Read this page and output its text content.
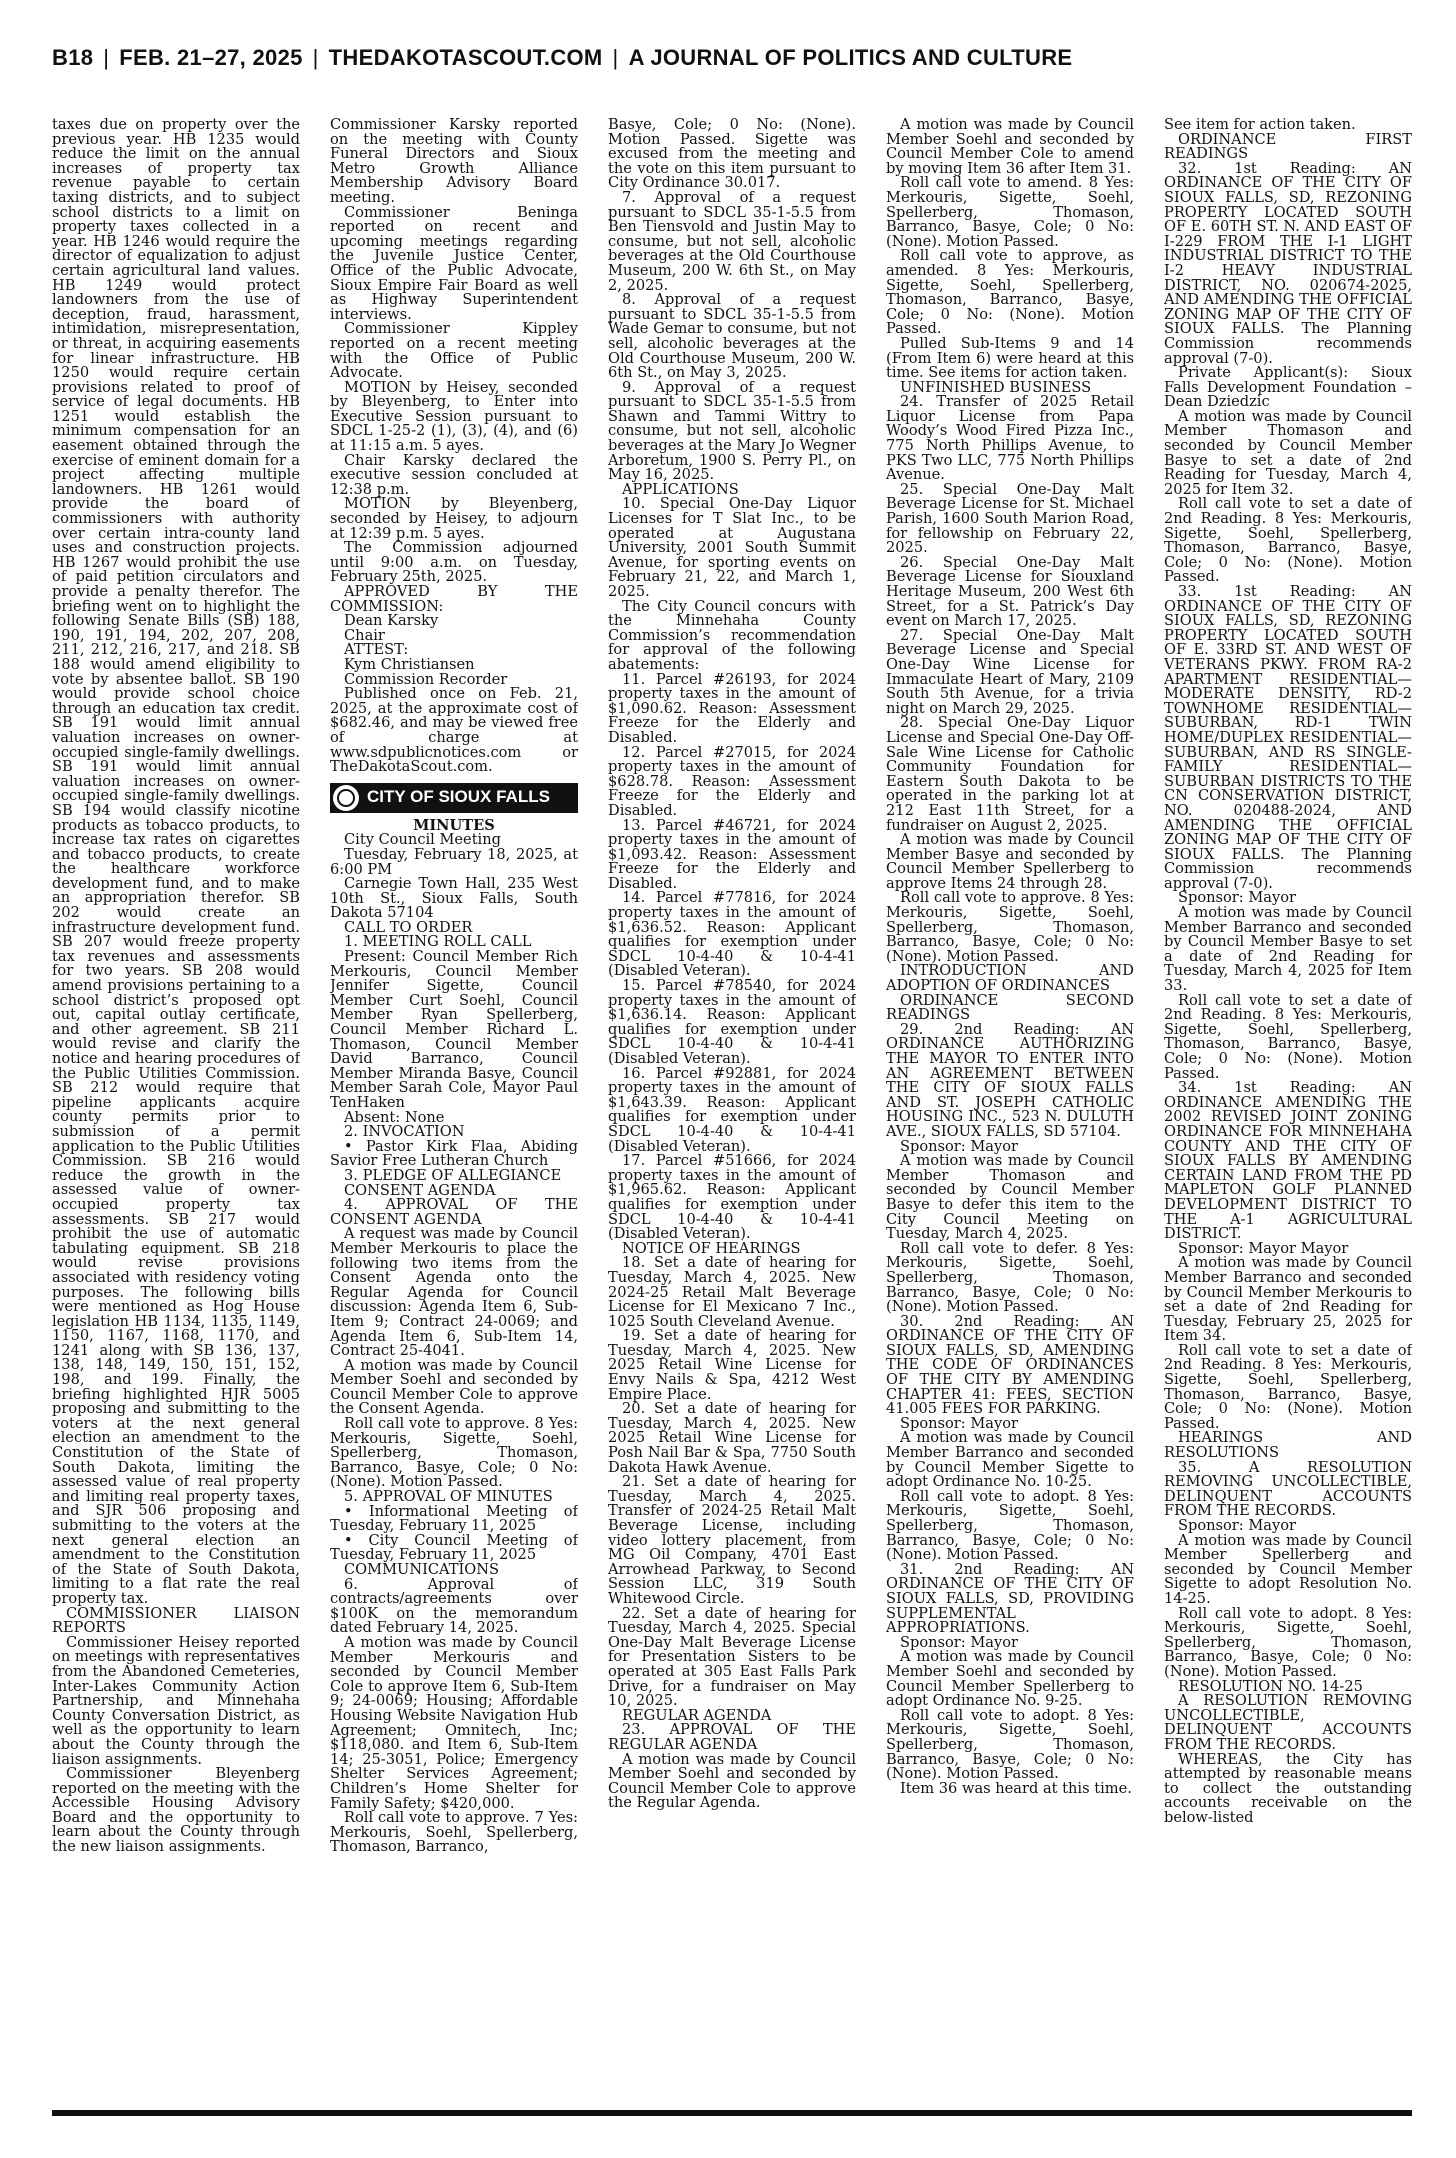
B18 | FEB. 21–27, 2025 | THEDAKOTASCOUT.COM | A JOURNAL OF POLITICS AND CULTURE

taxes due on property over the previous year. HB 1235 would reduce the limit on the annual increases of property tax revenue payable to certain taxing districts, and to subject school districts to a limit on property taxes collected in a year. HB 1246 would require the director of equalization to adjust certain agricultural land values. HB 1249 would protect landowners from the use of deception, fraud, harassment, intimidation, misrepresentation, or threat, in acquiring easements for linear infrastructure. HB 1250 would require certain provisions related to proof of service of legal documents. HB 1251 would establish the minimum compensation for an easement obtained through the exercise of eminent domain for a project affecting multiple landowners. HB 1261 would provide the board of commissioners with authority over certain intra-county land uses and construction projects. HB 1267 would prohibit the use of paid petition circulators and provide a penalty therefor. The briefing went on to highlight the following Senate Bills (SB) 188, 190, 191, 194, 202, 207, 208, 211, 212, 216, 217, and 218. SB 188 would amend eligibility to vote by absentee ballot. SB 190 would provide school choice through an education tax credit. SB 191 would limit annual valuation increases on owner-occupied single-family dwellings. SB 191 would limit annual valuation increases on owner-occupied single-family dwellings. SB 194 would classify nicotine products as tobacco products, to increase tax rates on cigarettes and tobacco products, to create the healthcare workforce development fund, and to make an appropriation therefor. SB 202 would create an infrastructure development fund. SB 207 would freeze property tax revenues and assessments for two years. SB 208 would amend provisions pertaining to a school district’s proposed opt out, capital outlay certificate, and other agreement. SB 211 would revise and clarify the notice and hearing procedures of the Public Utilities Commission. SB 212 would require that pipeline applicants acquire county permits prior to submission of a permit application to the Public Utilities Commission. SB 216 would reduce the growth in the assessed value of owner-occupied property tax assessments. SB 217 would prohibit the use of automatic tabulating equipment. SB 218 would revise provisions associated with residency voting purposes. The following bills were mentioned as Hog House legislation HB 1134, 1135, 1149, 1150, 1167, 1168, 1170, and 1241 along with SB 136, 137, 138, 148, 149, 150, 151, 152, 198, and 199. Finally, the briefing highlighted HJR 5005 proposing and submitting to the voters at the next general election an amendment to the Constitution of the State of South Dakota, limiting the assessed value of real property and limiting real property taxes, and SJR 506 proposing and submitting to the voters at the next general election an amendment to the Constitution of the State of South Dakota, limiting to a flat rate the real property tax.

COMMISSIONER LIAISON REPORTS

Commissioner Heisey reported on meetings with representatives from the Abandoned Cemeteries, Inter-Lakes Community Action Partnership, and Minnehaha County Conversation District, as well as the opportunity to learn about the County through the liaison assignments.

Commissioner Bleyenberg reported on the meeting with the Accessible Housing Advisory Board and the opportunity to learn about the County through the new liaison assignments.

Commissioner Karsky reported on the meeting with County Funeral Directors and Sioux Metro Growth Alliance Membership Advisory Board meeting.

Commissioner Beninga reported on recent and upcoming meetings regarding the Juvenile Justice Center, Office of the Public Advocate, Sioux Empire Fair Board as well as Highway Superintendent interviews.

Commissioner Kippley reported on a recent meeting with the Office of Public Advocate.

MOTION by Heisey, seconded by Bleyenberg, to Enter into Executive Session pursuant to SDCL 1-25-2 (1), (3), (4), and (6) at 11:15 a.m. 5 ayes.

Chair Karsky declared the executive session concluded at 12:38 p.m.

MOTION by Bleyenberg, seconded by Heisey, to adjourn at 12:39 p.m. 5 ayes.

The Commission adjourned until 9:00 a.m. on Tuesday, February 25th, 2025.

APPROVED BY THE COMMISSION:

Dean Karsky

Chair

ATTEST:

Kym Christiansen

Commission Recorder

Published once on Feb. 21, 2025, at the approximate cost of $682.46, and may be viewed free of charge at www.sdpublicnotices.com or TheDakotaScout.com.

CITY OF SIOUX FALLS

MINUTES

City Council Meeting

Tuesday, February 18, 2025, at 6:00 PM

Carnegie Town Hall, 235 West 10th St., Sioux Falls, South Dakota 57104

CALL TO ORDER

1. MEETING ROLL CALL

Present: Council Member Rich Merkouris, Council Member Jennifer Sigette, Council Member Curt Soehl, Council Member Ryan Spellerberg, Council Member Richard L. Thomason, Council Member David Barranco, Council Member Miranda Basye, Council Member Sarah Cole, Mayor Paul TenHaken

Absent: None

2. INVOCATION

• Pastor Kirk Flaa, Abiding Savior Free Lutheran Church

3. PLEDGE OF ALLEGIANCE

CONSENT AGENDA

4. APPROVAL OF THE CONSENT AGENDA

A request was made by Council Member Merkouris to place the following two items from the Consent Agenda onto the Regular Agenda for Council discussion: Agenda Item 6, Sub-Item 9; Contract 24-0069; and Agenda Item 6, Sub-Item 14, Contract 25-4041.

A motion was made by Council Member Soehl and seconded by Council Member Cole to approve the Consent Agenda.

Roll call vote to approve. 8 Yes: Merkouris, Sigette, Soehl, Spellerberg, Thomason, Barranco, Basye, Cole; 0 No: (None). Motion Passed.

5. APPROVAL OF MINUTES

• Informational Meeting of Tuesday, February 11, 2025

• City Council Meeting of Tuesday, February 11, 2025

COMMUNICATIONS

6. Approval of contracts/agreements over $100K on the memorandum dated February 14, 2025.

A motion was made by Council Member Merkouris and seconded by Council Member Cole to approve Item 6, Sub-Item 9; 24-0069; Housing; Affordable Housing Website Navigation Hub Agreement; Omnitech, Inc; $118,080. and Item 6, Sub-Item 14; 25-3051, Police; Emergency Shelter Services Agreement; Children’s Home Shelter for Family Safety; $420,000.

Roll call vote to approve. 7 Yes: Merkouris, Soehl, Spellerberg, Thomason, Barranco,

Basye, Cole; 0 No: (None). Motion Passed. Sigette was excused from the meeting and the vote on this item pursuant to City Ordinance 30.017.

7. Approval of a request pursuant to SDCL 35-1-5.5 from Ben Tiensvold and Justin May to consume, but not sell, alcoholic beverages at the Old Courthouse Museum, 200 W. 6th St., on May 2, 2025.

8. Approval of a request pursuant to SDCL 35-1-5.5 from Wade Gemar to consume, but not sell, alcoholic beverages at the Old Courthouse Museum, 200 W. 6th St., on May 3, 2025.

9. Approval of a request pursuant to SDCL 35-1-5.5 from Shawn and Tammi Wittry to consume, but not sell, alcoholic beverages at the Mary Jo Wegner Arboretum, 1900 S. Perry Pl., on May 16, 2025.

APPLICATIONS

10. Special One-Day Liquor Licenses for T Slat Inc., to be operated at Augustana University, 2001 South Summit Avenue, for sporting events on February 21, 22, and March 1, 2025.

The City Council concurs with the Minnehaha County Commission’s recommendation for approval of the following abatements:

11. Parcel #26193, for 2024 property taxes in the amount of $1,090.62. Reason: Assessment Freeze for the Elderly and Disabled.

12. Parcel #27015, for 2024 property taxes in the amount of $628.78. Reason: Assessment Freeze for the Elderly and Disabled.

13. Parcel #46721, for 2024 property taxes in the amount of $1,093.42. Reason: Assessment Freeze for the Elderly and Disabled.

14. Parcel #77816, for 2024 property taxes in the amount of $1,636.52. Reason: Applicant qualifies for exemption under SDCL 10-4-40 & 10-4-41 (Disabled Veteran).

15. Parcel #78540, for 2024 property taxes in the amount of $1,636.14. Reason: Applicant qualifies for exemption under SDCL 10-4-40 & 10-4-41 (Disabled Veteran).

16. Parcel #92881, for 2024 property taxes in the amount of $1,643.39. Reason: Applicant qualifies for exemption under SDCL 10-4-40 & 10-4-41 (Disabled Veteran).

17. Parcel #51666, for 2024 property taxes in the amount of $1,965.62. Reason: Applicant qualifies for exemption under SDCL 10-4-40 & 10-4-41 (Disabled Veteran).

NOTICE OF HEARINGS

18. Set a date of hearing for Tuesday, March 4, 2025. New 2024-25 Retail Malt Beverage License for El Mexicano 7 Inc., 1025 South Cleveland Avenue.

19. Set a date of hearing for Tuesday, March 4, 2025. New 2025 Retail Wine License for Envy Nails & Spa, 4212 West Empire Place.

20. Set a date of hearing for Tuesday, March 4, 2025. New 2025 Retail Wine License for Posh Nail Bar & Spa, 7750 South Dakota Hawk Avenue.

21. Set a date of hearing for Tuesday, March 4, 2025. Transfer of 2024-25 Retail Malt Beverage License, including video lottery placement, from MG Oil Company, 4701 East Arrowhead Parkway, to Second Session LLC, 319 South Whitewood Circle.

22. Set a date of hearing for Tuesday, March 4, 2025. Special One-Day Malt Beverage License for Presentation Sisters to be operated at 305 East Falls Park Drive, for a fundraiser on May 10, 2025.

REGULAR AGENDA

23. APPROVAL OF THE REGULAR AGENDA

A motion was made by Council Member Soehl and seconded by Council Member Cole to approve the Regular Agenda.

A motion was made by Council Member Soehl and seconded by Council Member Cole to amend by moving Item 36 after Item 31.

Roll call vote to amend. 8 Yes: Merkouris, Sigette, Soehl, Spellerberg, Thomason, Barranco, Basye, Cole; 0 No: (None). Motion Passed.

Roll call vote to approve, as amended. 8 Yes: Merkouris, Sigette, Soehl, Spellerberg, Thomason, Barranco, Basye, Cole; 0 No: (None). Motion Passed.

Pulled Sub-Items 9 and 14 (From Item 6) were heard at this time. See items for action taken.

UNFINISHED BUSINESS

24. Transfer of 2025 Retail Liquor License from Papa Woody’s Wood Fired Pizza Inc., 775 North Phillips Avenue, to PKS Two LLC, 775 North Phillips Avenue.

25. Special One-Day Malt Beverage License for St. Michael Parish, 1600 South Marion Road, for fellowship on February 22, 2025.

26. Special One-Day Malt Beverage License for Siouxland Heritage Museum, 200 West 6th Street, for a St. Patrick’s Day event on March 17, 2025.

27. Special One-Day Malt Beverage License and Special One-Day Wine License for Immaculate Heart of Mary, 2109 South 5th Avenue, for a trivia night on March 29, 2025.

28. Special One-Day Liquor License and Special One-Day Off-Sale Wine License for Catholic Community Foundation for Eastern South Dakota to be operated in the parking lot at 212 East 11th Street, for a fundraiser on August 2, 2025.

A motion was made by Council Member Basye and seconded by Council Member Spellerberg to approve Items 24 through 28.

Roll call vote to approve. 8 Yes: Merkouris, Sigette, Soehl, Spellerberg, Thomason, Barranco, Basye, Cole; 0 No: (None). Motion Passed.

INTRODUCTION AND ADOPTION OF ORDINANCES

ORDINANCE SECOND READINGS

29. 2nd Reading: AN ORDINANCE AUTHORIZING THE MAYOR TO ENTER INTO AN AGREEMENT BETWEEN THE CITY OF SIOUX FALLS AND ST. JOSEPH CATHOLIC HOUSING INC., 523 N. DULUTH AVE., SIOUX FALLS, SD 57104.

Sponsor: Mayor

A motion was made by Council Member Thomason and seconded by Council Member Basye to defer this item to the City Council Meeting on Tuesday, March 4, 2025.

Roll call vote to defer. 8 Yes: Merkouris, Sigette, Soehl, Spellerberg, Thomason, Barranco, Basye, Cole; 0 No: (None). Motion Passed.

30. 2nd Reading: AN ORDINANCE OF THE CITY OF SIOUX FALLS, SD, AMENDING THE CODE OF ORDINANCES OF THE CITY BY AMENDING CHAPTER 41: FEES, SECTION 41.005 FEES FOR PARKING.

Sponsor: Mayor

A motion was made by Council Member Barranco and seconded by Council Member Sigette to adopt Ordinance No. 10-25.

Roll call vote to adopt. 8 Yes: Merkouris, Sigette, Soehl, Spellerberg, Thomason, Barranco, Basye, Cole; 0 No: (None). Motion Passed.

31. 2nd Reading: AN ORDINANCE OF THE CITY OF SIOUX FALLS, SD, PROVIDING SUPPLEMENTAL APPROPRIATIONS.

Sponsor: Mayor

A motion was made by Council Member Soehl and seconded by Council Member Spellerberg to adopt Ordinance No. 9-25.

Roll call vote to adopt. 8 Yes: Merkouris, Sigette, Soehl, Spellerberg, Thomason, Barranco, Basye, Cole; 0 No: (None). Motion Passed.

Item 36 was heard at this time.

See item for action taken.

ORDINANCE FIRST READINGS

32. 1st Reading: AN ORDINANCE OF THE CITY OF SIOUX FALLS, SD, REZONING PROPERTY LOCATED SOUTH OF E. 60TH ST. N. AND EAST OF I-229 FROM THE I-1 LIGHT INDUSTRIAL DISTRICT TO THE I-2 HEAVY INDUSTRIAL DISTRICT, NO. 020674-2025, AND AMENDING THE OFFICIAL ZONING MAP OF THE CITY OF SIOUX FALLS. The Planning Commission recommends approval (7-0).

Private Applicant(s): Sioux Falls Development Foundation – Dean Dziedzic

A motion was made by Council Member Thomason and seconded by Council Member Basye to set a date of 2nd Reading for Tuesday, March 4, 2025 for Item 32.

Roll call vote to set a date of 2nd Reading. 8 Yes: Merkouris, Sigette, Soehl, Spellerberg, Thomason, Barranco, Basye, Cole; 0 No: (None). Motion Passed.

33. 1st Reading: AN ORDINANCE OF THE CITY OF SIOUX FALLS, SD, REZONING PROPERTY LOCATED SOUTH OF E. 33RD ST. AND WEST OF VETERANS PKWY. FROM RA-2 APARTMENT RESIDENTIAL—MODERATE DENSITY, RD-2 TOWNHOME RESIDENTIAL—SUBURBAN, RD-1 TWIN HOME/DUPLEX RESIDENTIAL—SUBURBAN, AND RS SINGLE-FAMILY RESIDENTIAL—SUBURBAN DISTRICTS TO THE CN CONSERVATION DISTRICT, NO. 020488-2024, AND AMENDING THE OFFICIAL ZONING MAP OF THE CITY OF SIOUX FALLS. The Planning Commission recommends approval (7-0).

Sponsor: Mayor

A motion was made by Council Member Barranco and seconded by Council Member Basye to set a date of 2nd Reading for Tuesday, March 4, 2025 for Item 33.

Roll call vote to set a date of 2nd Reading. 8 Yes: Merkouris, Sigette, Soehl, Spellerberg, Thomason, Barranco, Basye, Cole; 0 No: (None). Motion Passed.

34. 1st Reading: AN ORDINANCE AMENDING THE 2002 REVISED JOINT ZONING ORDINANCE FOR MINNEHAHA COUNTY AND THE CITY OF SIOUX FALLS BY AMENDING CERTAIN LAND FROM THE PD MAPLETON GOLF PLANNED DEVELOPMENT DISTRICT TO THE A-1 AGRICULTURAL DISTRICT.

Sponsor: Mayor Mayor

A motion was made by Council Member Barranco and seconded by Council Member Merkouris to set a date of 2nd Reading for Tuesday, February 25, 2025 for Item 34.

Roll call vote to set a date of 2nd Reading. 8 Yes: Merkouris, Sigette, Soehl, Spellerberg, Thomason, Barranco, Basye, Cole; 0 No: (None). Motion Passed.

HEARINGS AND RESOLUTIONS

35. A RESOLUTION REMOVING UNCOLLECTIBLE, DELINQUENT ACCOUNTS FROM THE RECORDS.

Sponsor: Mayor

A motion was made by Council Member Spellerberg and seconded by Council Member Sigette to adopt Resolution No. 14-25.

Roll call vote to adopt. 8 Yes: Merkouris, Sigette, Soehl, Spellerberg, Thomason, Barranco, Basye, Cole; 0 No: (None). Motion Passed.

RESOLUTION NO. 14-25

A RESOLUTION REMOVING UNCOLLECTIBLE, DELINQUENT ACCOUNTS FROM THE RECORDS.

WHEREAS, the City has attempted by reasonable means to collect the outstanding accounts receivable on the below-listed
